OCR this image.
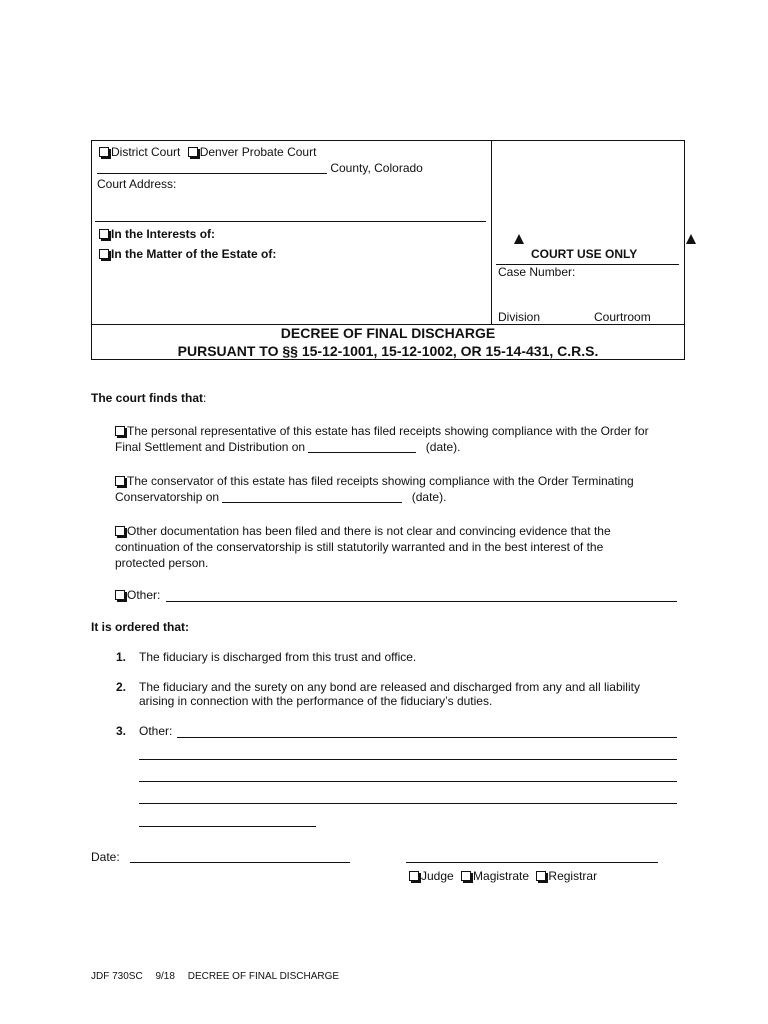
District Court Denver Probate Court
County, Colorado
Court Address:
In the Interests of:
In the Matter of the Estate of:	COURT USE ONLY
Case Number:
Division	Courtroom
DECREE OF FINAL DISCHARGE
PURSUANT TO §§ 15-12-1001, 15-12-1002, OR 15-14-431, C.R.S.
The court finds that:
The personal representative of this estate has filed receipts showing compliance with the Order for
Final Settlement and Distribution on	(date).
The conservator of this estate has filed receipts showing compliance with the Order Terminating
Conservatorship on	(date).
Other documentation has been filed and there is not clear and convincing evidence that the
continuation of the conservatorship is still statutorily warranted and in the best interest of the
protected person.
Other:
It is ordered that:
1. The fiduciary is discharged from this trust and office.
2. The fiduciary and the surety on any bond are released and discharged from any and all liability
arising in connection with the performance of the fiduciary’s duties.
3. Other:
Date:
Judge Magistrate Registrar
JDF 730SC 9/18 DECREE OF FINAL DISCHARGE
